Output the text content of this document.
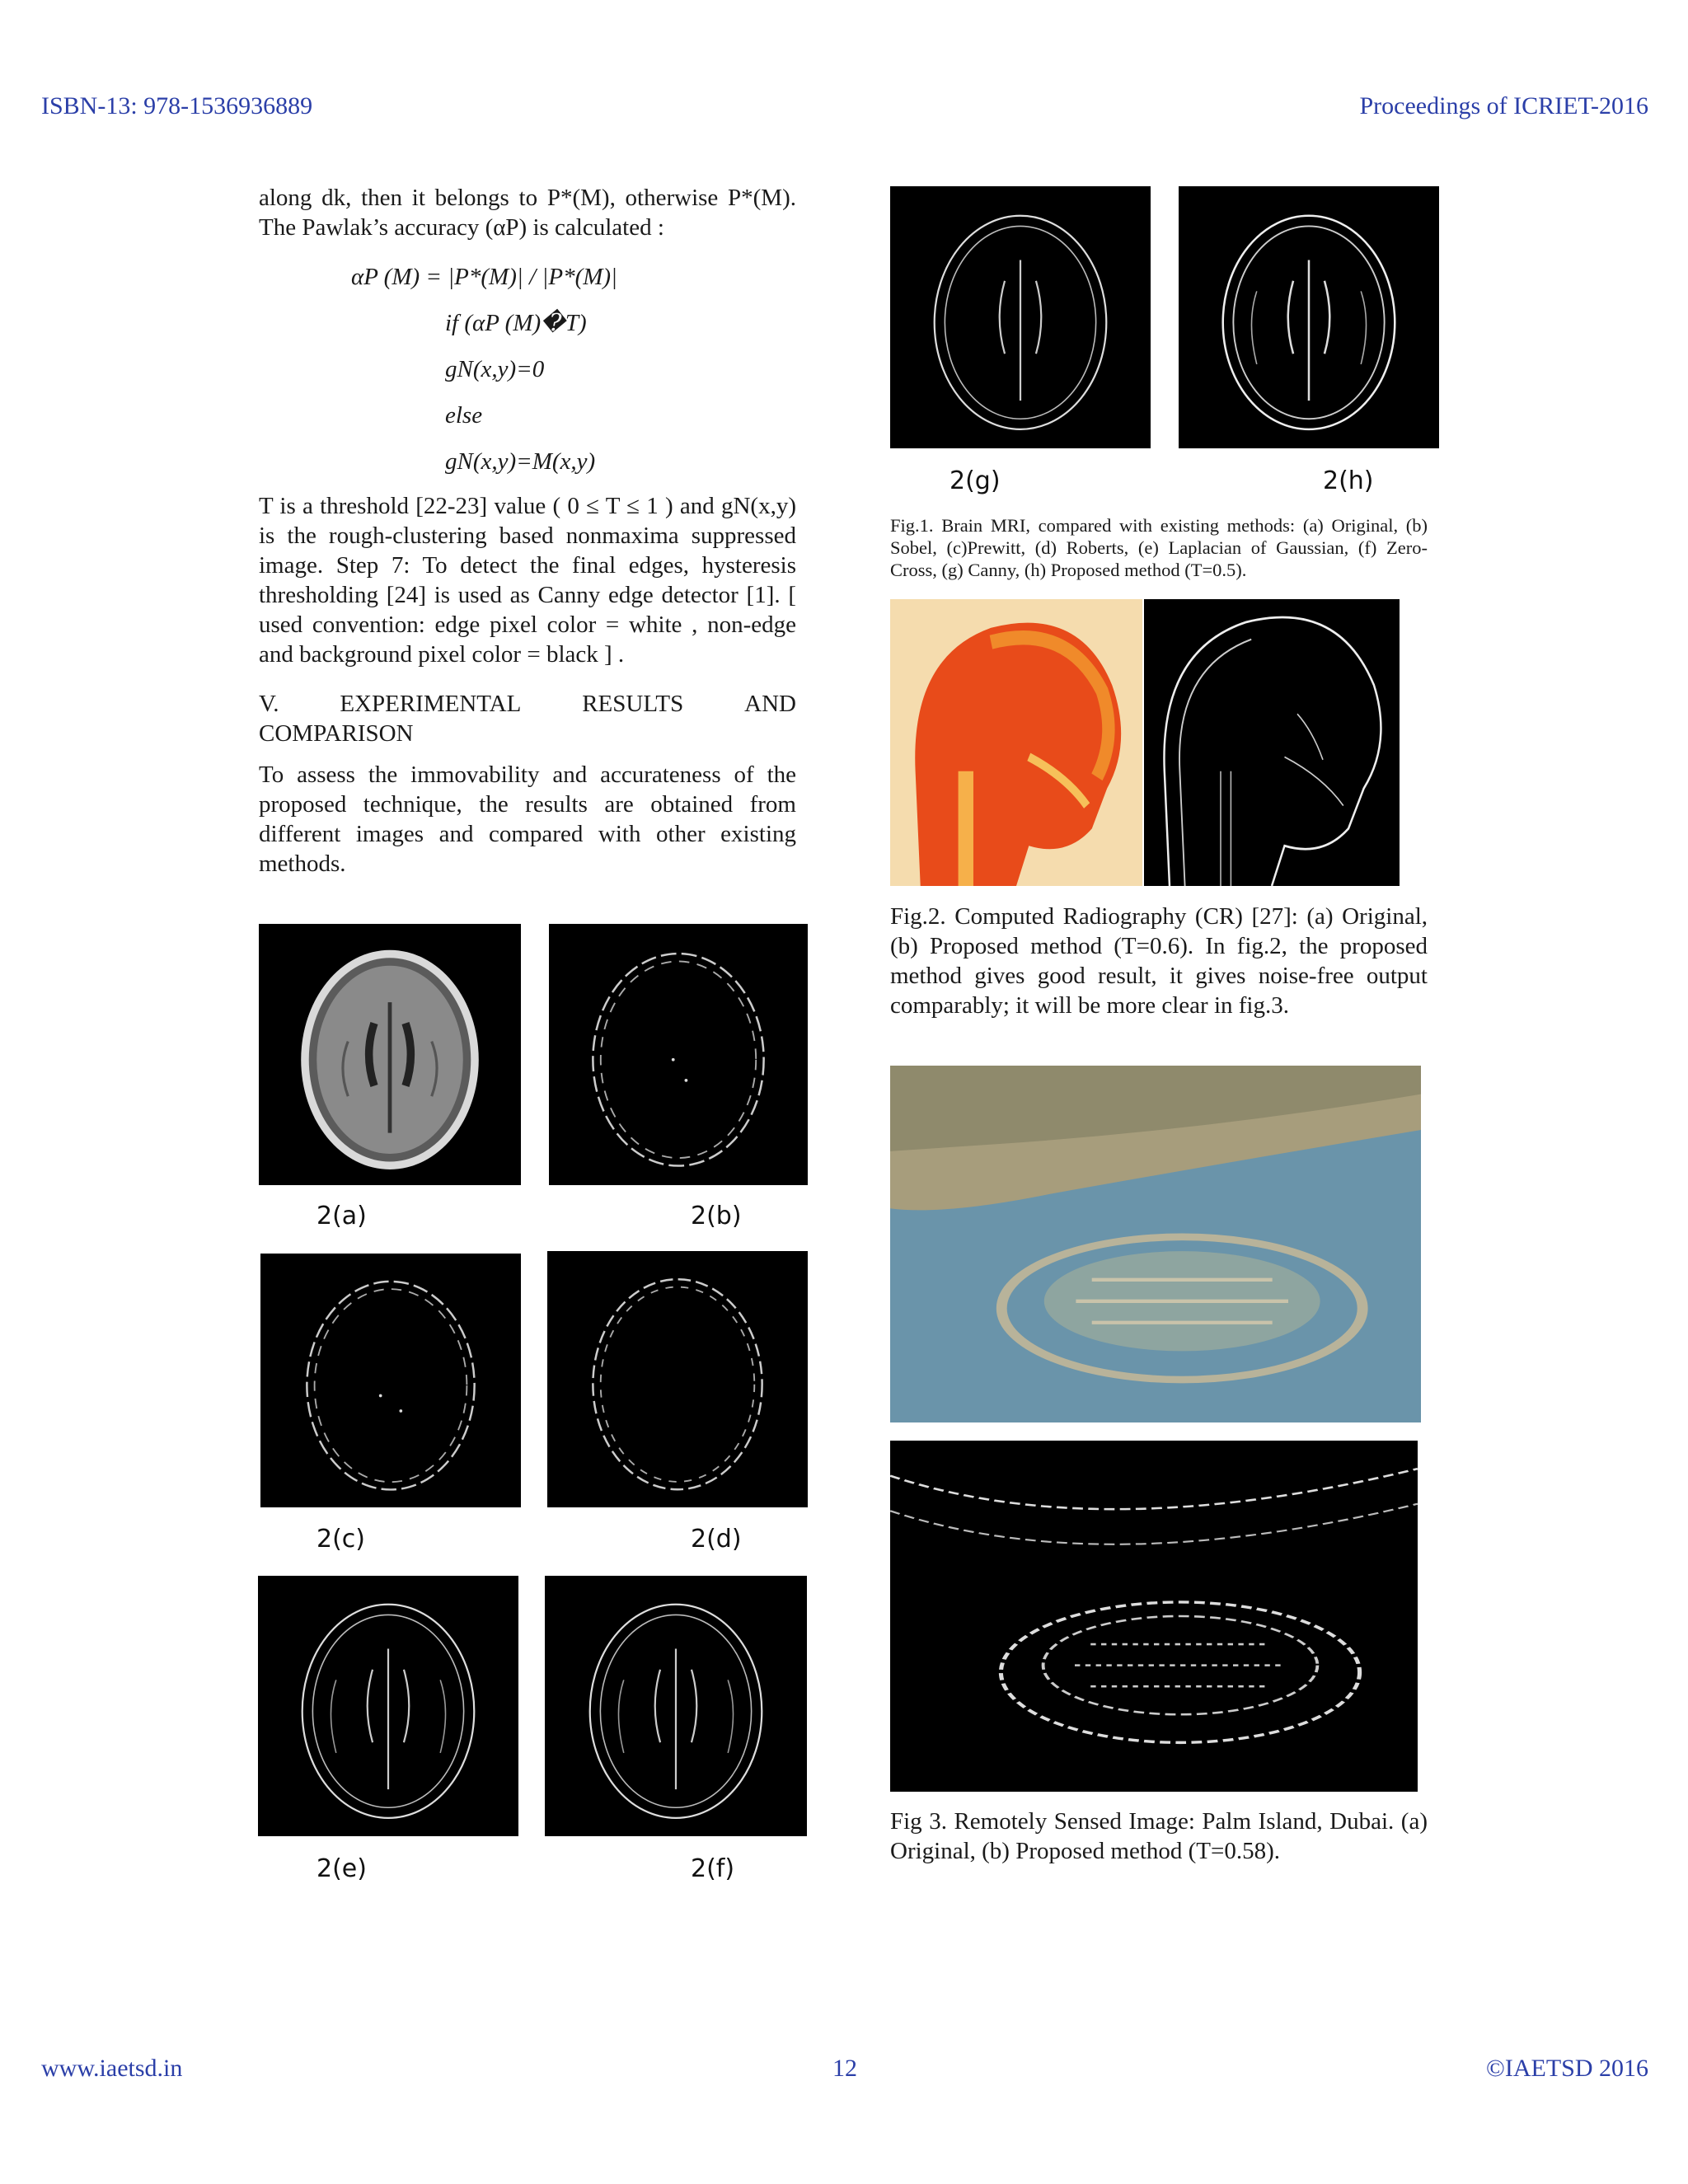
ISBN-13: 978-1536936889	Proceedings of ICRIET-2016

along dk, then it belongs to P*(M), otherwise P*(M). The Pawlak’s accuracy (αP) is calculated :

αP (M) = |P*(M)| / |P*(M)|

if (αP (M)�T)

gN(x,y)=0

else

gN(x,y)=M(x,y)

T is a threshold [22-23] value ( 0 ≤ T ≤ 1 ) and gN(x,y) is the rough-clustering based nonmaxima suppressed image. Step 7: To detect the final edges, hysteresis thresholding [24] is used as Canny edge detector [1]. [ used convention: edge pixel color = white , non-edge and background pixel color = black ] .

V.	EXPERIMENTAL	RESULTS	AND
COMPARISON

To assess the immovability and accurateness of the proposed technique, the results are obtained from different images and compared with other existing methods.

2(a)	2(b)
2(c)	2(d)
2(e)	2(f)
2(g)	2(h)
Fig.1. Brain MRI, compared with existing methods: (a) Original, (b) Sobel, (c)Prewitt, (d) Roberts, (e) Laplacian of Gaussian, (f) Zero-Cross, (g) Canny, (h) Proposed method (T=0.5).
Fig.2. Computed Radiography (CR) [27]: (a) Original, (b) Proposed method (T=0.6). In fig.2, the proposed method gives good result, it gives noise-free output comparably; it will be more clear in fig.3.
Fig 3. Remotely Sensed Image: Palm Island, Dubai. (a) Original, (b) Proposed method (T=0.58).
www.iaetsd.in	12	©IAETSD 2016
